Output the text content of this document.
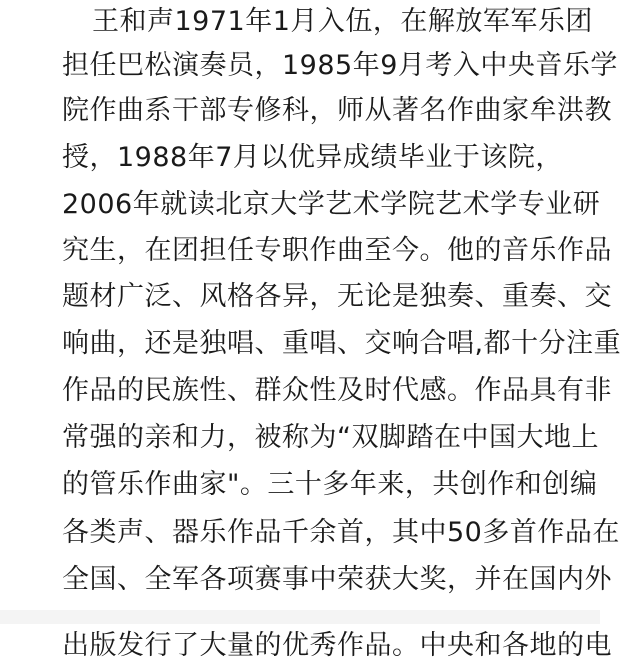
王和声1971年1月入伍，在解放军军乐团
担任巴松演奏员，1985年9月考入中央音乐学
院作曲系干部专修科，师从著名作曲家牟洪教
授，1988年7月以优异成绩毕业于该院，
2006年就读北京大学艺术学院艺术学专业研
究生，在团担任专职作曲至今。他的音乐作品
题材广泛、风格各异，无论是独奏、重奏、交
响曲，还是独唱、重唱、交响合唱,都十分注重
作品的民族性、群众性及时代感。作品具有非
常强的亲和力，被称为“双脚踏在中国大地上
的管乐作曲家"。三十多年来，共创作和创编
各类声、器乐作品千余首，其中50多首作品在
全国、全军各项赛事中荣获大奖，并在国内外
出版发行了大量的优秀作品。中央和各地的电
